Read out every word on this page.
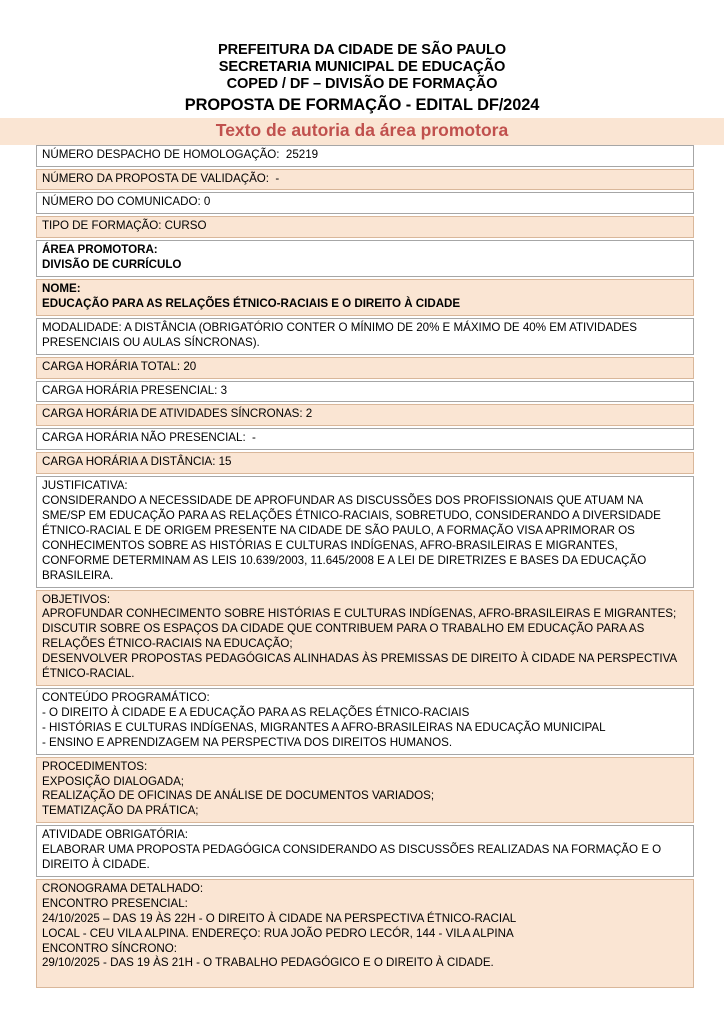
PREFEITURA DA CIDADE DE SÃO PAULO
SECRETARIA MUNICIPAL DE EDUCAÇÃO
COPED / DF – DIVISÃO DE FORMAÇÃO
PROPOSTA DE FORMAÇÃO - EDITAL DF/2024
Texto de autoria da área promotora

NÚMERO DESPACHO DE HOMOLOGAÇÃO:  25219

NÚMERO DA PROPOSTA DE VALIDAÇÃO:  -

NÚMERO DO COMUNICADO: 0

TIPO DE FORMAÇÃO: CURSO

ÁREA PROMOTORA:

DIVISÃO DE CURRÍCULO

NOME:

EDUCAÇÃO PARA AS RELAÇÕES ÉTNICO-RACIAIS E O DIREITO À CIDADE

MODALIDADE: A DISTÂNCIA (OBRIGATÓRIO CONTER O MÍNIMO DE 20% E MÁXIMO DE 40% EM ATIVIDADES PRESENCIAIS OU AULAS SÍNCRONAS).

CARGA HORÁRIA TOTAL: 20

CARGA HORÁRIA PRESENCIAL: 3

CARGA HORÁRIA DE ATIVIDADES SÍNCRONAS: 2

CARGA HORÁRIA NÃO PRESENCIAL:  -

CARGA HORÁRIA A DISTÂNCIA: 15

JUSTIFICATIVA:

CONSIDERANDO A NECESSIDADE DE APROFUNDAR AS DISCUSSÕES DOS PROFISSIONAIS QUE ATUAM NA SME/SP EM EDUCAÇÃO PARA AS RELAÇÕES ÉTNICO-RACIAIS, SOBRETUDO, CONSIDERANDO A DIVERSIDADE ÉTNICO-RACIAL E DE ORIGEM PRESENTE NA CIDADE DE SÃO PAULO, A FORMAÇÃO VISA APRIMORAR OS CONHECIMENTOS SOBRE AS HISTÓRIAS E CULTURAS INDÍGENAS, AFRO-BRASILEIRAS E MIGRANTES, CONFORME DETERMINAM AS LEIS 10.639/2003, 11.645/2008 E A LEI DE DIRETRIZES E BASES DA EDUCAÇÃO BRASILEIRA.

OBJETIVOS:

APROFUNDAR CONHECIMENTO SOBRE HISTÓRIAS E CULTURAS INDÍGENAS, AFRO-BRASILEIRAS E MIGRANTES;

DISCUTIR SOBRE OS ESPAÇOS DA CIDADE QUE CONTRIBUEM PARA O TRABALHO EM EDUCAÇÃO PARA AS RELAÇÕES ÉTNICO-RACIAIS NA EDUCAÇÃO;

DESENVOLVER PROPOSTAS PEDAGÓGICAS ALINHADAS ÀS PREMISSAS DE DIREITO À CIDADE NA PERSPECTIVA ÉTNICO-RACIAL.

CONTEÚDO PROGRAMÁTICO:

- O DIREITO À CIDADE E A EDUCAÇÃO PARA AS RELAÇÕES ÉTNICO-RACIAIS

- HISTÓRIAS E CULTURAS INDÍGENAS, MIGRANTES A AFRO-BRASILEIRAS NA EDUCAÇÃO MUNICIPAL

- ENSINO E APRENDIZAGEM NA PERSPECTIVA DOS DIREITOS HUMANOS.

PROCEDIMENTOS:

EXPOSIÇÃO DIALOGADA;

REALIZAÇÃO DE OFICINAS DE ANÁLISE DE DOCUMENTOS VARIADOS;

TEMATIZAÇÃO DA PRÁTICA;

ATIVIDADE OBRIGATÓRIA:

ELABORAR UMA PROPOSTA PEDAGÓGICA CONSIDERANDO AS DISCUSSÕES REALIZADAS NA FORMAÇÃO E O DIREITO À CIDADE.

CRONOGRAMA DETALHADO:

ENCONTRO PRESENCIAL:

24/10/2025 – DAS 19 ÀS 22H - O DIREITO À CIDADE NA PERSPECTIVA ÉTNICO-RACIAL

LOCAL - CEU VILA ALPINA. ENDEREÇO: RUA JOÃO PEDRO LECÓR, 144 - VILA ALPINA

ENCONTRO SÍNCRONO:

29/10/2025 - DAS 19 ÀS 21H - O TRABALHO PEDAGÓGICO E O DIREITO À CIDADE.
